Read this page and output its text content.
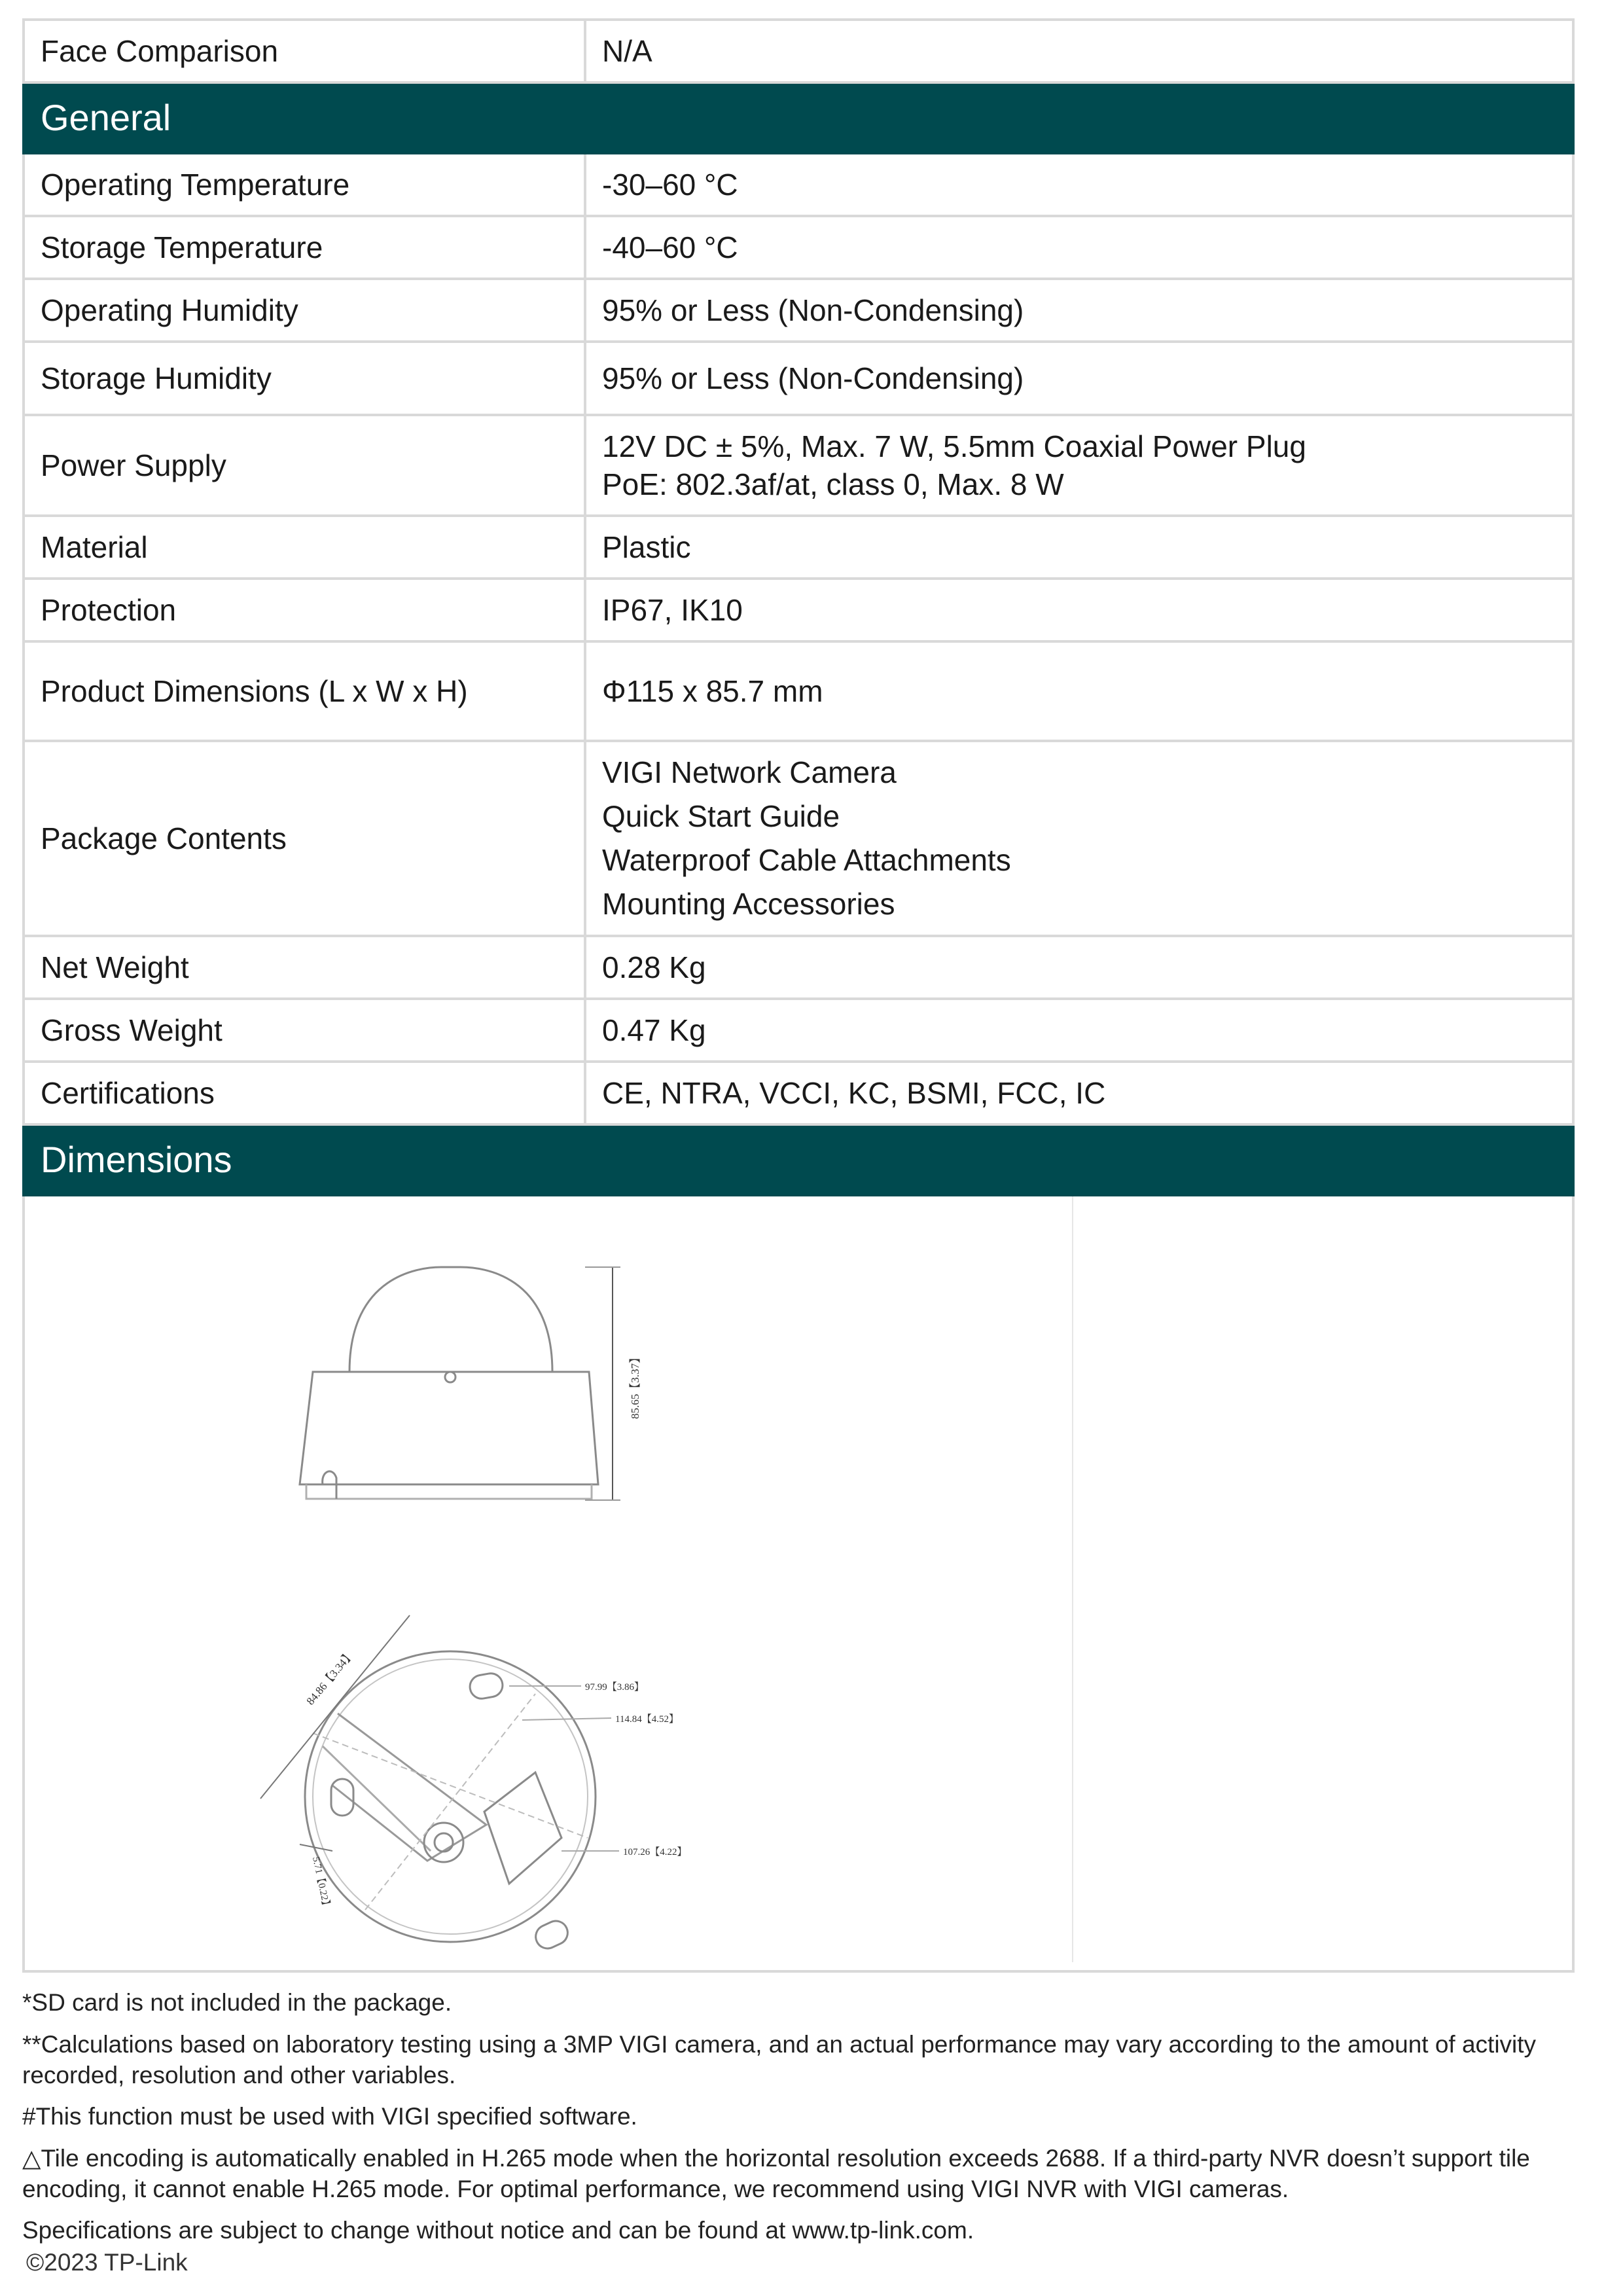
Face Comparison	N/A
General	
Operating Temperature	-30–60 °C
Storage Temperature	-40–60 °C
Operating Humidity	95% or Less (Non-Condensing)
Storage Humidity	95% or Less (Non-Condensing)
Power Supply	12V DC ± 5%, Max. 7 W, 5.5mm Coaxial Power Plug
PoE: 802.3af/at, class 0, Max. 8 W

Material	Plastic
Protection	IP67, IK10
Product Dimensions (L x W x H)	Φ115 x 85.7 mm
Package Contents	VIGI Network Camera
Quick Start Guide
Waterproof Cable Attachments
Mounting Accessories

Net Weight	0.28 Kg
Gross Weight	0.47 Kg
Certifications	CE, NTRA, VCCI, KC, BSMI, FCC, IC
Dimensions	
85.65【3.37】
84.86【3.34】	97.99【3.86】
114.84【4.52】
107.26【4.22】
5.71【0.22】
*SD card is not included in the package.
**Calculations based on laboratory testing using a 3MP VIGI camera, and an actual performance may vary according to the amount of activity recorded, resolution and other variables.
#This function must be used with VIGI specified software.
△Tile encoding is automatically enabled in H.265 mode when the horizontal resolution exceeds 2688. If a third-party NVR doesn’t support tile encoding, it cannot enable H.265 mode. For optimal performance, we recommend using VIGI NVR with VIGI cameras.
Specifications are subject to change without notice and can be found at www.tp-link.com.
©2023 TP-Link
